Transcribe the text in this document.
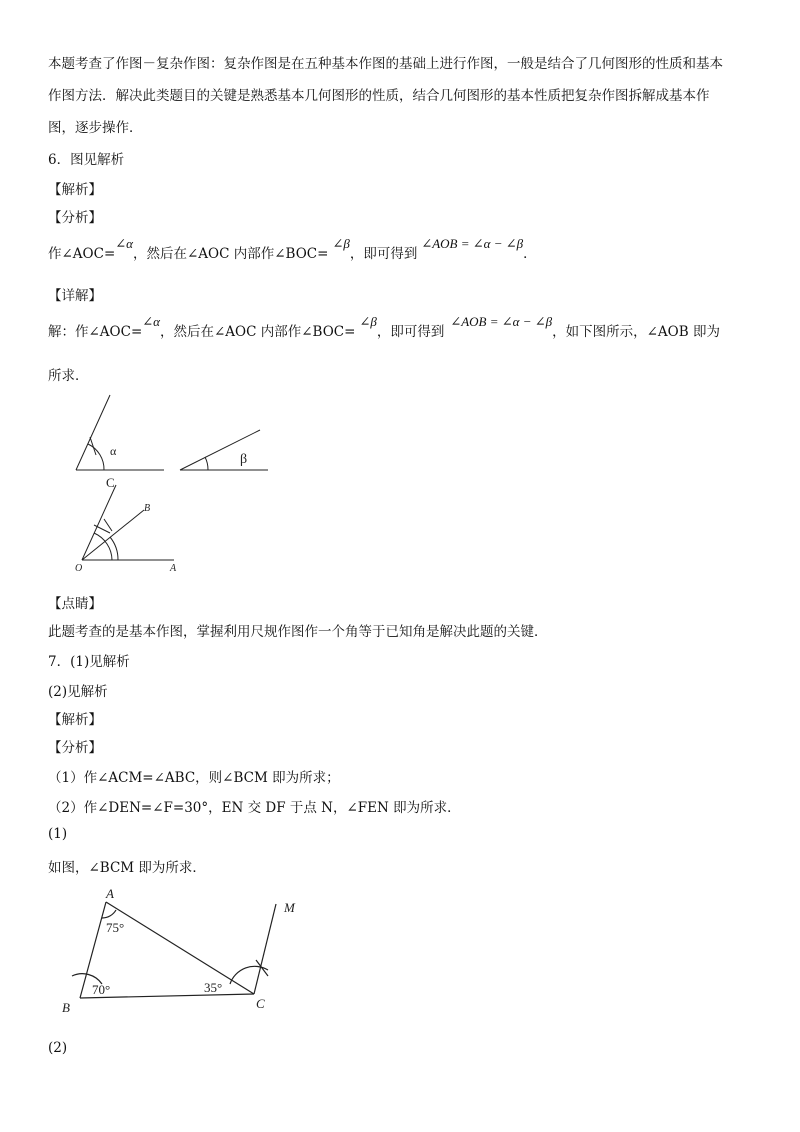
本题考查了作图－复杂作图：复杂作图是在五种基本作图的基础上进行作图，一般是结合了几何图形的性质和基本
作图方法．解决此类题目的关键是熟悉基本几何图形的性质，结合几何图形的基本性质把复杂作图拆解成基本作
图，逐步操作．
6．图见解析
【解析】
【分析】
作∠AOC=∠α，然后在∠AOC 内部作∠BOC=∠β，即可得到∠AOB = ∠α − ∠β．
【详解】
解：作∠AOC=∠α，然后在∠AOC 内部作∠BOC=∠β，即可得到∠AOB = ∠α − ∠β，如下图所示，∠AOB 即为
所求．
α
β
C
B
O	A
【点睛】
此题考查的是基本作图，掌握利用尺规作图作一个角等于已知角是解决此题的关键．
7．(1)见解析
(2)见解析
【解析】
【分析】
（1）作∠ACM=∠ABC，则∠BCM 即为所求；
（2）作∠DEN=∠F=30°，EN 交 DF 于点 N，∠FEN 即为所求．
(1)
如图，∠BCM 即为所求．
A
B	C
M
75°
70°	35°
(2)
